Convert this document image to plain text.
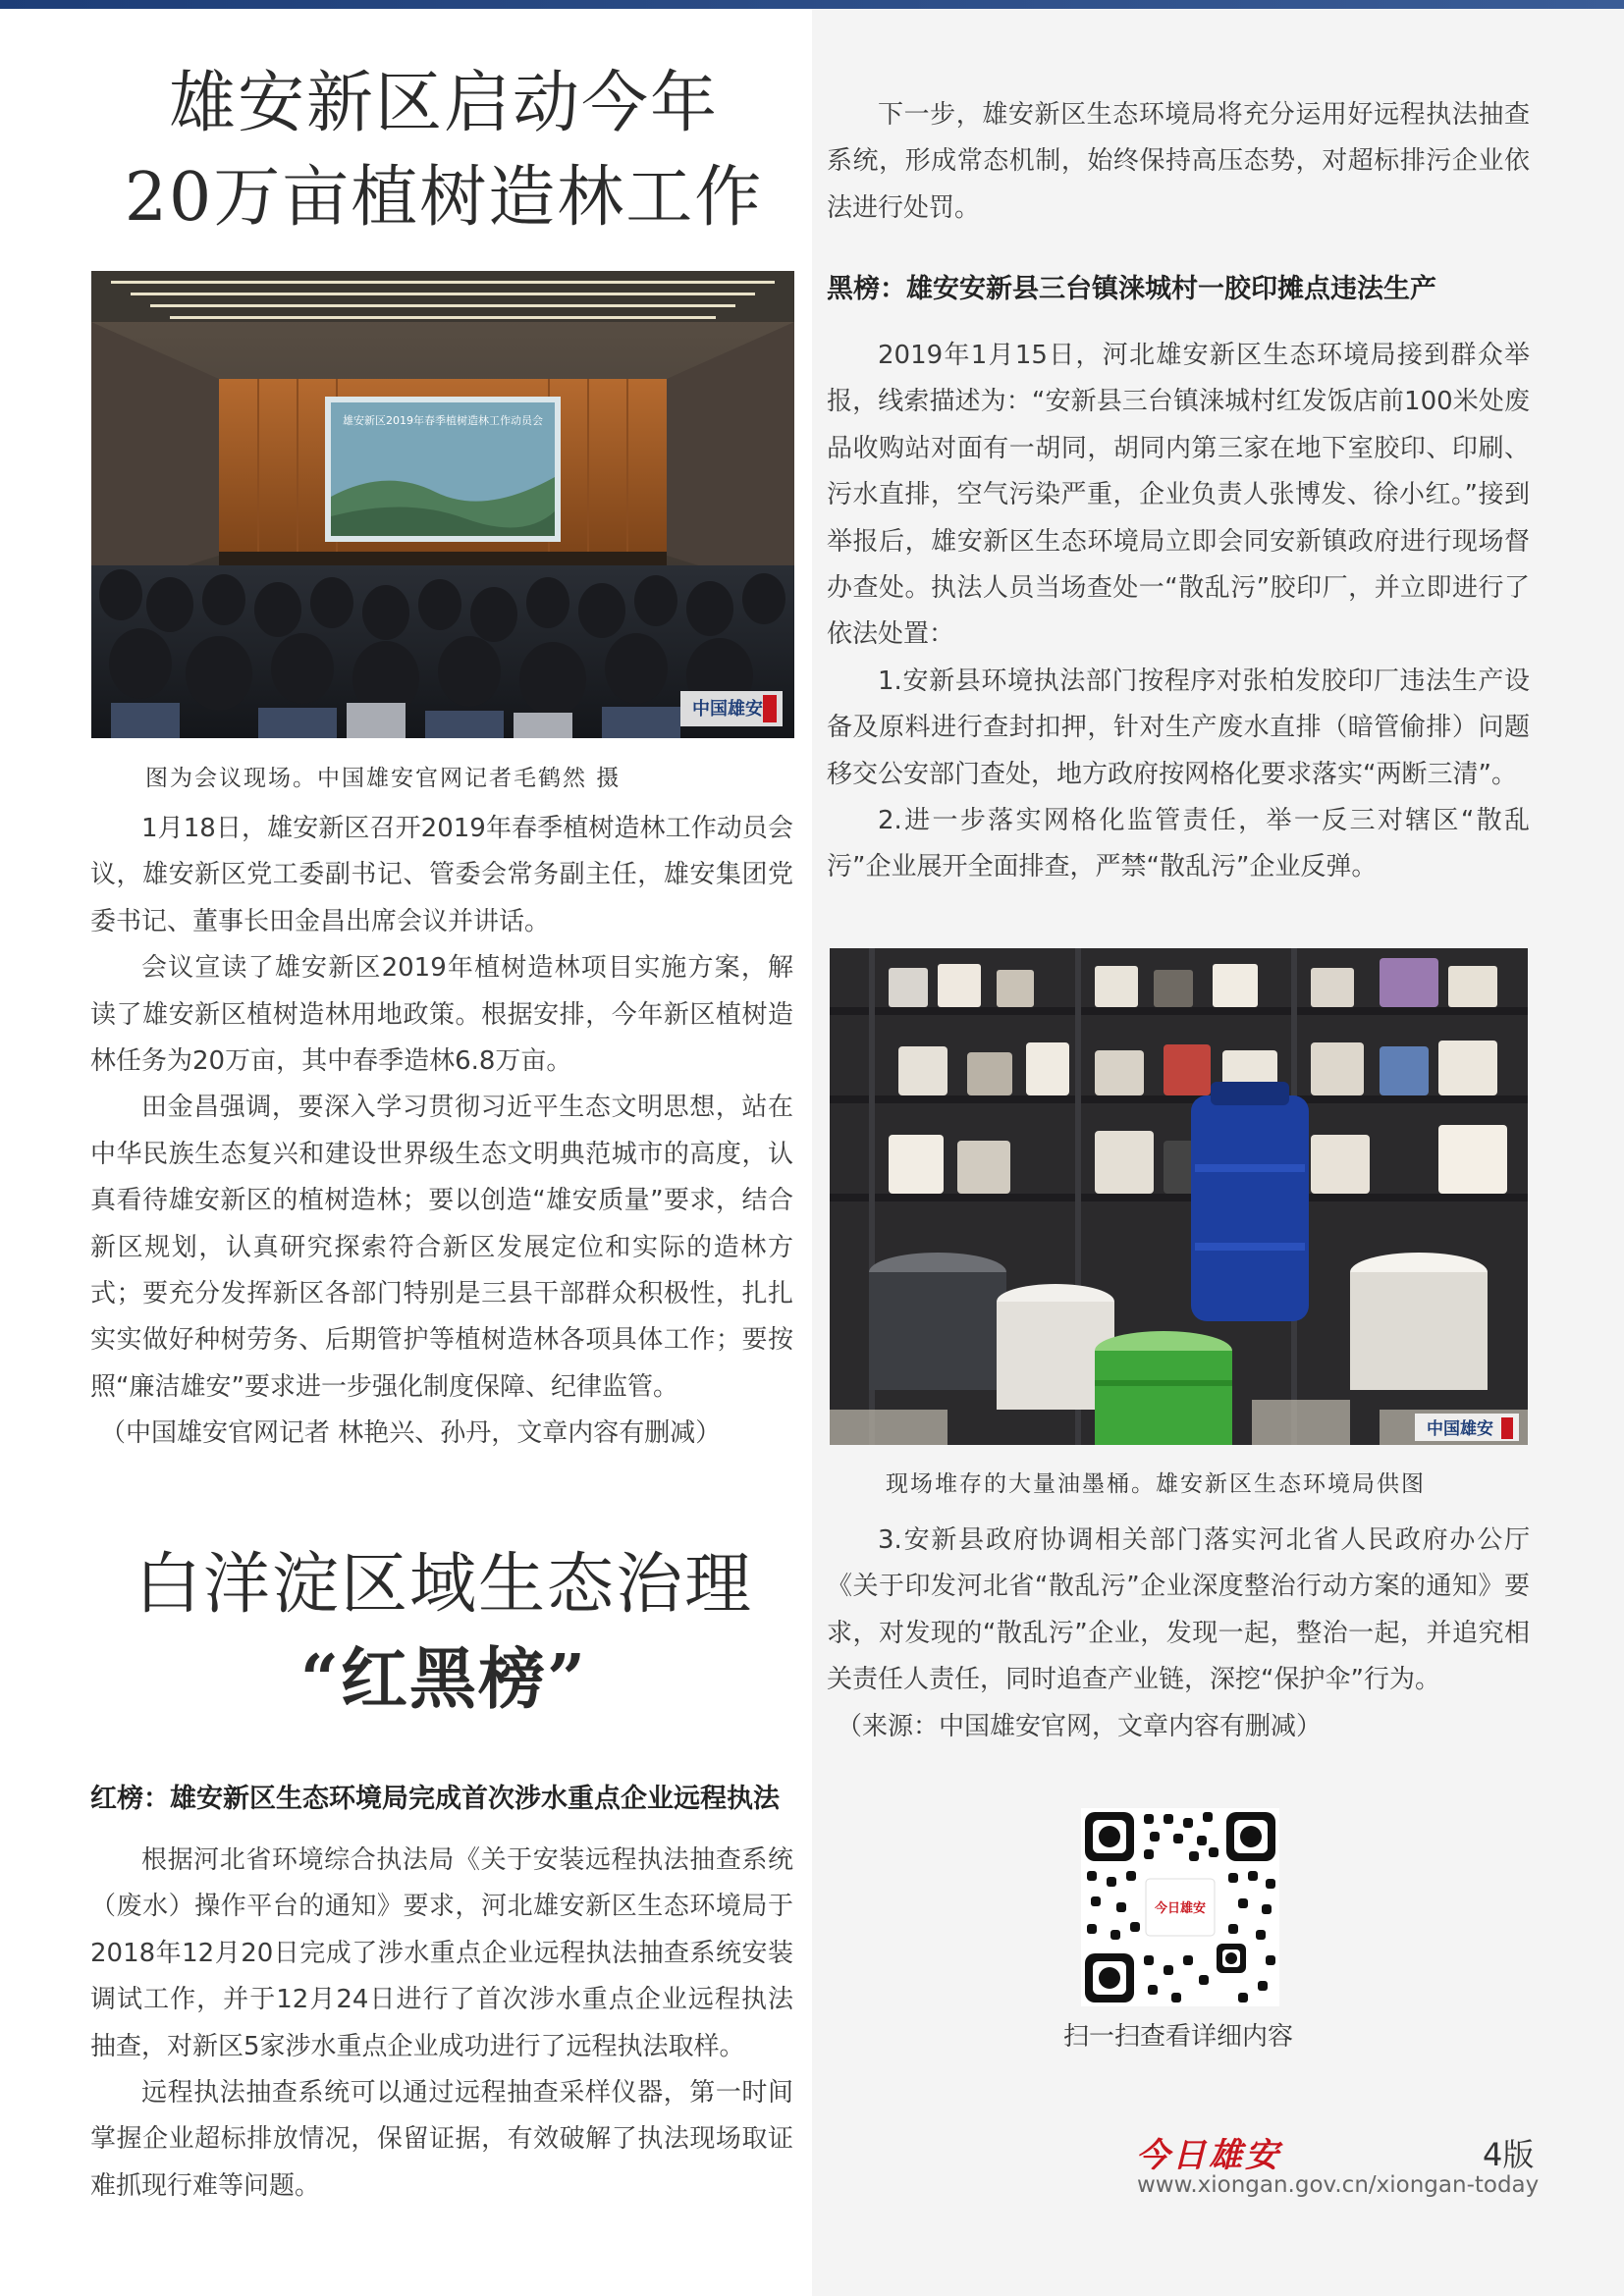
雄安新区启动今年
20万亩植树造林工作
雄安新区2019年春季植树造林工作动员会
中国雄安
图为会议现场。中国雄安官网记者毛鹤然 摄

1月18日，雄安新区召开2019年春季植树造林工作动员会议，雄安新区党工委副书记、管委会常务副主任，雄安集团党委书记、董事长田金昌出席会议并讲话。

会议宣读了雄安新区2019年植树造林项目实施方案，解读了雄安新区植树造林用地政策。根据安排，今年新区植树造林任务为20万亩，其中春季造林6.8万亩。

田金昌强调，要深入学习贯彻习近平生态文明思想，站在中华民族生态复兴和建设世界级生态文明典范城市的高度，认真看待雄安新区的植树造林；要以创造“雄安质量”要求，结合新区规划，认真研究探索符合新区发展定位和实际的造林方式；要充分发挥新区各部门特别是三县干部群众积极性，扎扎实实做好种树劳务、后期管护等植树造林各项具体工作；要按照“廉洁雄安”要求进一步强化制度保障、纪律监管。

（中国雄安官网记者 林艳兴、孙丹，文章内容有删减）

白洋淀区域生态治理
“红黑榜”
红榜：雄安新区生态环境局完成首次涉水重点企业远程执法

根据河北省环境综合执法局《关于安装远程执法抽查系统（废水）操作平台的通知》要求，河北雄安新区生态环境局于2018年12月20日完成了涉水重点企业远程执法抽查系统安装调试工作，并于12月24日进行了首次涉水重点企业远程执法抽查，对新区5家涉水重点企业成功进行了远程执法取样。

远程执法抽查系统可以通过远程抽查采样仪器，第一时间掌握企业超标排放情况，保留证据，有效破解了执法现场取证难抓现行难等问题。

下一步，雄安新区生态环境局将充分运用好远程执法抽查系统，形成常态机制，始终保持高压态势，对超标排污企业依法进行处罚。

黑榜：雄安安新县三台镇涞城村一胶印摊点违法生产

2019年1月15日，河北雄安新区生态环境局接到群众举报，线索描述为：“安新县三台镇涞城村红发饭店前100米处废品收购站对面有一胡同，胡同内第三家在地下室胶印、印刷、污水直排，空气污染严重，企业负责人张博发、徐小红。”接到举报后，雄安新区生态环境局立即会同安新镇政府进行现场督办查处。执法人员当场查处一“散乱污”胶印厂，并立即进行了依法处置：

1.安新县环境执法部门按程序对张柏发胶印厂违法生产设备及原料进行查封扣押，针对生产废水直排（暗管偷排）问题移交公安部门查处，地方政府按网格化要求落实“两断三清”。

2.进一步落实网格化监管责任，举一反三对辖区“散乱污”企业展开全面排查，严禁“散乱污”企业反弹。

中国雄安
现场堆存的大量油墨桶。雄安新区生态环境局供图

3.安新县政府协调相关部门落实河北省人民政府办公厅《关于印发河北省“散乱污”企业深度整治行动方案的通知》要求，对发现的“散乱污”企业，发现一起，整治一起，并追究相关责任人责任，同时追查产业链，深挖“保护伞”行为。

（来源：中国雄安官网，文章内容有删减）

今日雄安
扫一扫查看详细内容
今日雄安	4版
www.xiongan.gov.cn/xiongan-today
